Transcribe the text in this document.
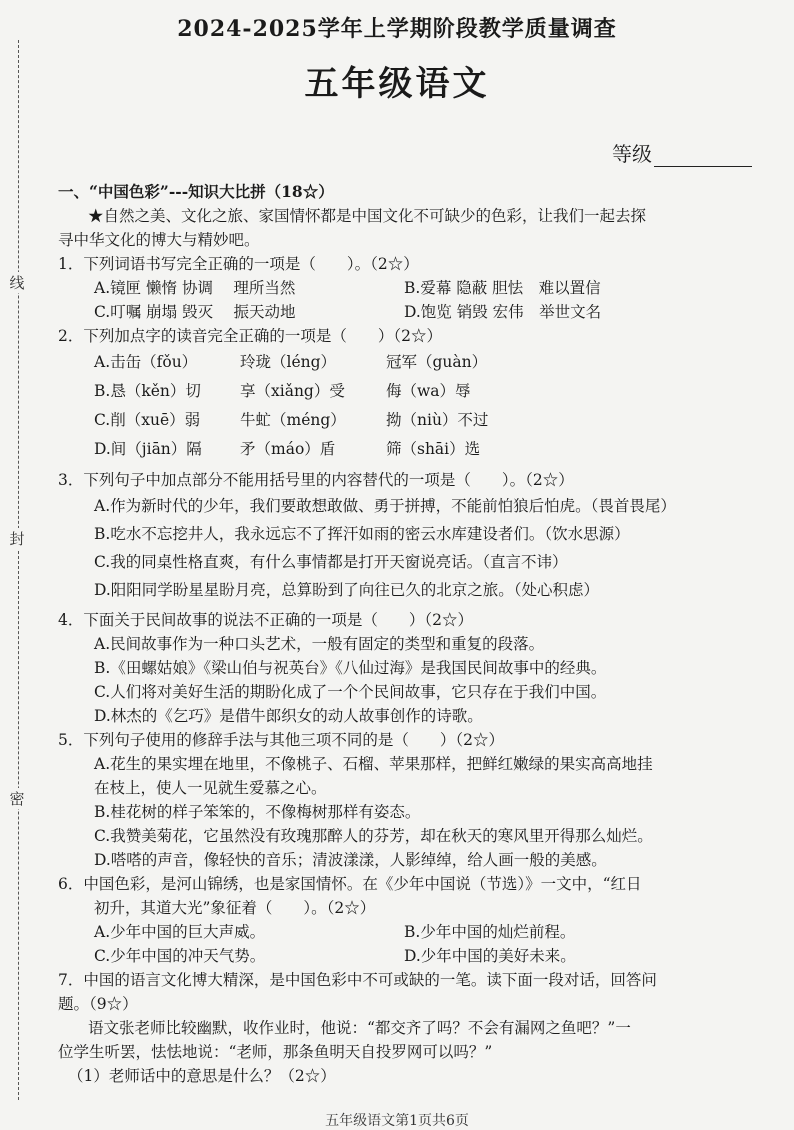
线
封
密
2024-2025学年上学期阶段教学质量调查
五年级语文
等级
一、“中国色彩”---知识大比拼（18☆）
★自然之美、文化之旅、家国情怀都是中国文化不可缺少的色彩，让我们一起去探
寻中华文化的博大与精妙吧。
1．下列词语书写完全正确的一项是（　　）。（2☆）
A.镜匣 懒惰 协调　 理所当然	B.爱幕 隐蔽 胆怯　难以置信
C.叮嘱 崩塌 毁灭　 振天动地	D.饱览 销毁 宏伟　举世文名
2．下列加点字的读音完全正确的一项是（　　）（2☆）
A.击缶（fǒu）	玲珑（léng）	冠军（guàn）
B.恳（kěn）切	享（xiǎng）受	侮（wa）辱
C.削（xuē）弱	牛虻（méng）	拗（niù）不过
D.间（jiān）隔	矛（máo）盾	筛（shāi）选
3．下列句子中加点部分不能用括号里的内容替代的一项是（　　）。（2☆）
A.作为新时代的少年，我们要敢想敢做、勇于拼搏，不能前怕狼后怕虎。（畏首畏尾）
B.吃水不忘挖井人，我永远忘不了挥汗如雨的密云水库建设者们。（饮水思源）
C.我的同桌性格直爽，有什么事情都是打开天窗说亮话。（直言不讳）
D.阳阳同学盼星星盼月亮，总算盼到了向往已久的北京之旅。（处心积虑）
4．下面关于民间故事的说法不正确的一项是（　　）（2☆）
A.民间故事作为一种口头艺术，一般有固定的类型和重复的段落。
B.《田螺姑娘》《梁山伯与祝英台》《八仙过海》是我国民间故事中的经典。
C.人们将对美好生活的期盼化成了一个个民间故事，它只存在于我们中国。
D.林杰的《乞巧》是借牛郎织女的动人故事创作的诗歌。
5．下列句子使用的修辞手法与其他三项不同的是（　　）（2☆）
A.花生的果实埋在地里，不像桃子、石榴、苹果那样，把鲜红嫩绿的果实高高地挂
在枝上，使人一见就生爱慕之心。
B.桂花树的样子笨笨的，不像梅树那样有姿态。
C.我赞美菊花，它虽然没有玫瑰那醉人的芬芳，却在秋天的寒风里开得那么灿烂。
D.嗒嗒的声音，像轻快的音乐；清波漾漾，人影绰绰，给人画一般的美感。
6．中国色彩，是河山锦绣，也是家国情怀。在《少年中国说（节选）》一文中，“红日
初升，其道大光”象征着（　　）。（2☆）
A.少年中国的巨大声威。	B.少年中国的灿烂前程。
C.少年中国的冲天气势。	D.少年中国的美好未来。
7．中国的语言文化博大精深，是中国色彩中不可或缺的一笔。读下面一段对话，回答问
题。（9☆）
语文张老师比较幽默，收作业时，他说：“都交齐了吗？不会有漏网之鱼吧？”一
位学生听罢，怯怯地说：“老师，那条鱼明天自投罗网可以吗？”
（1）老师话中的意思是什么？（2☆）
五年级语文第1页共6页
